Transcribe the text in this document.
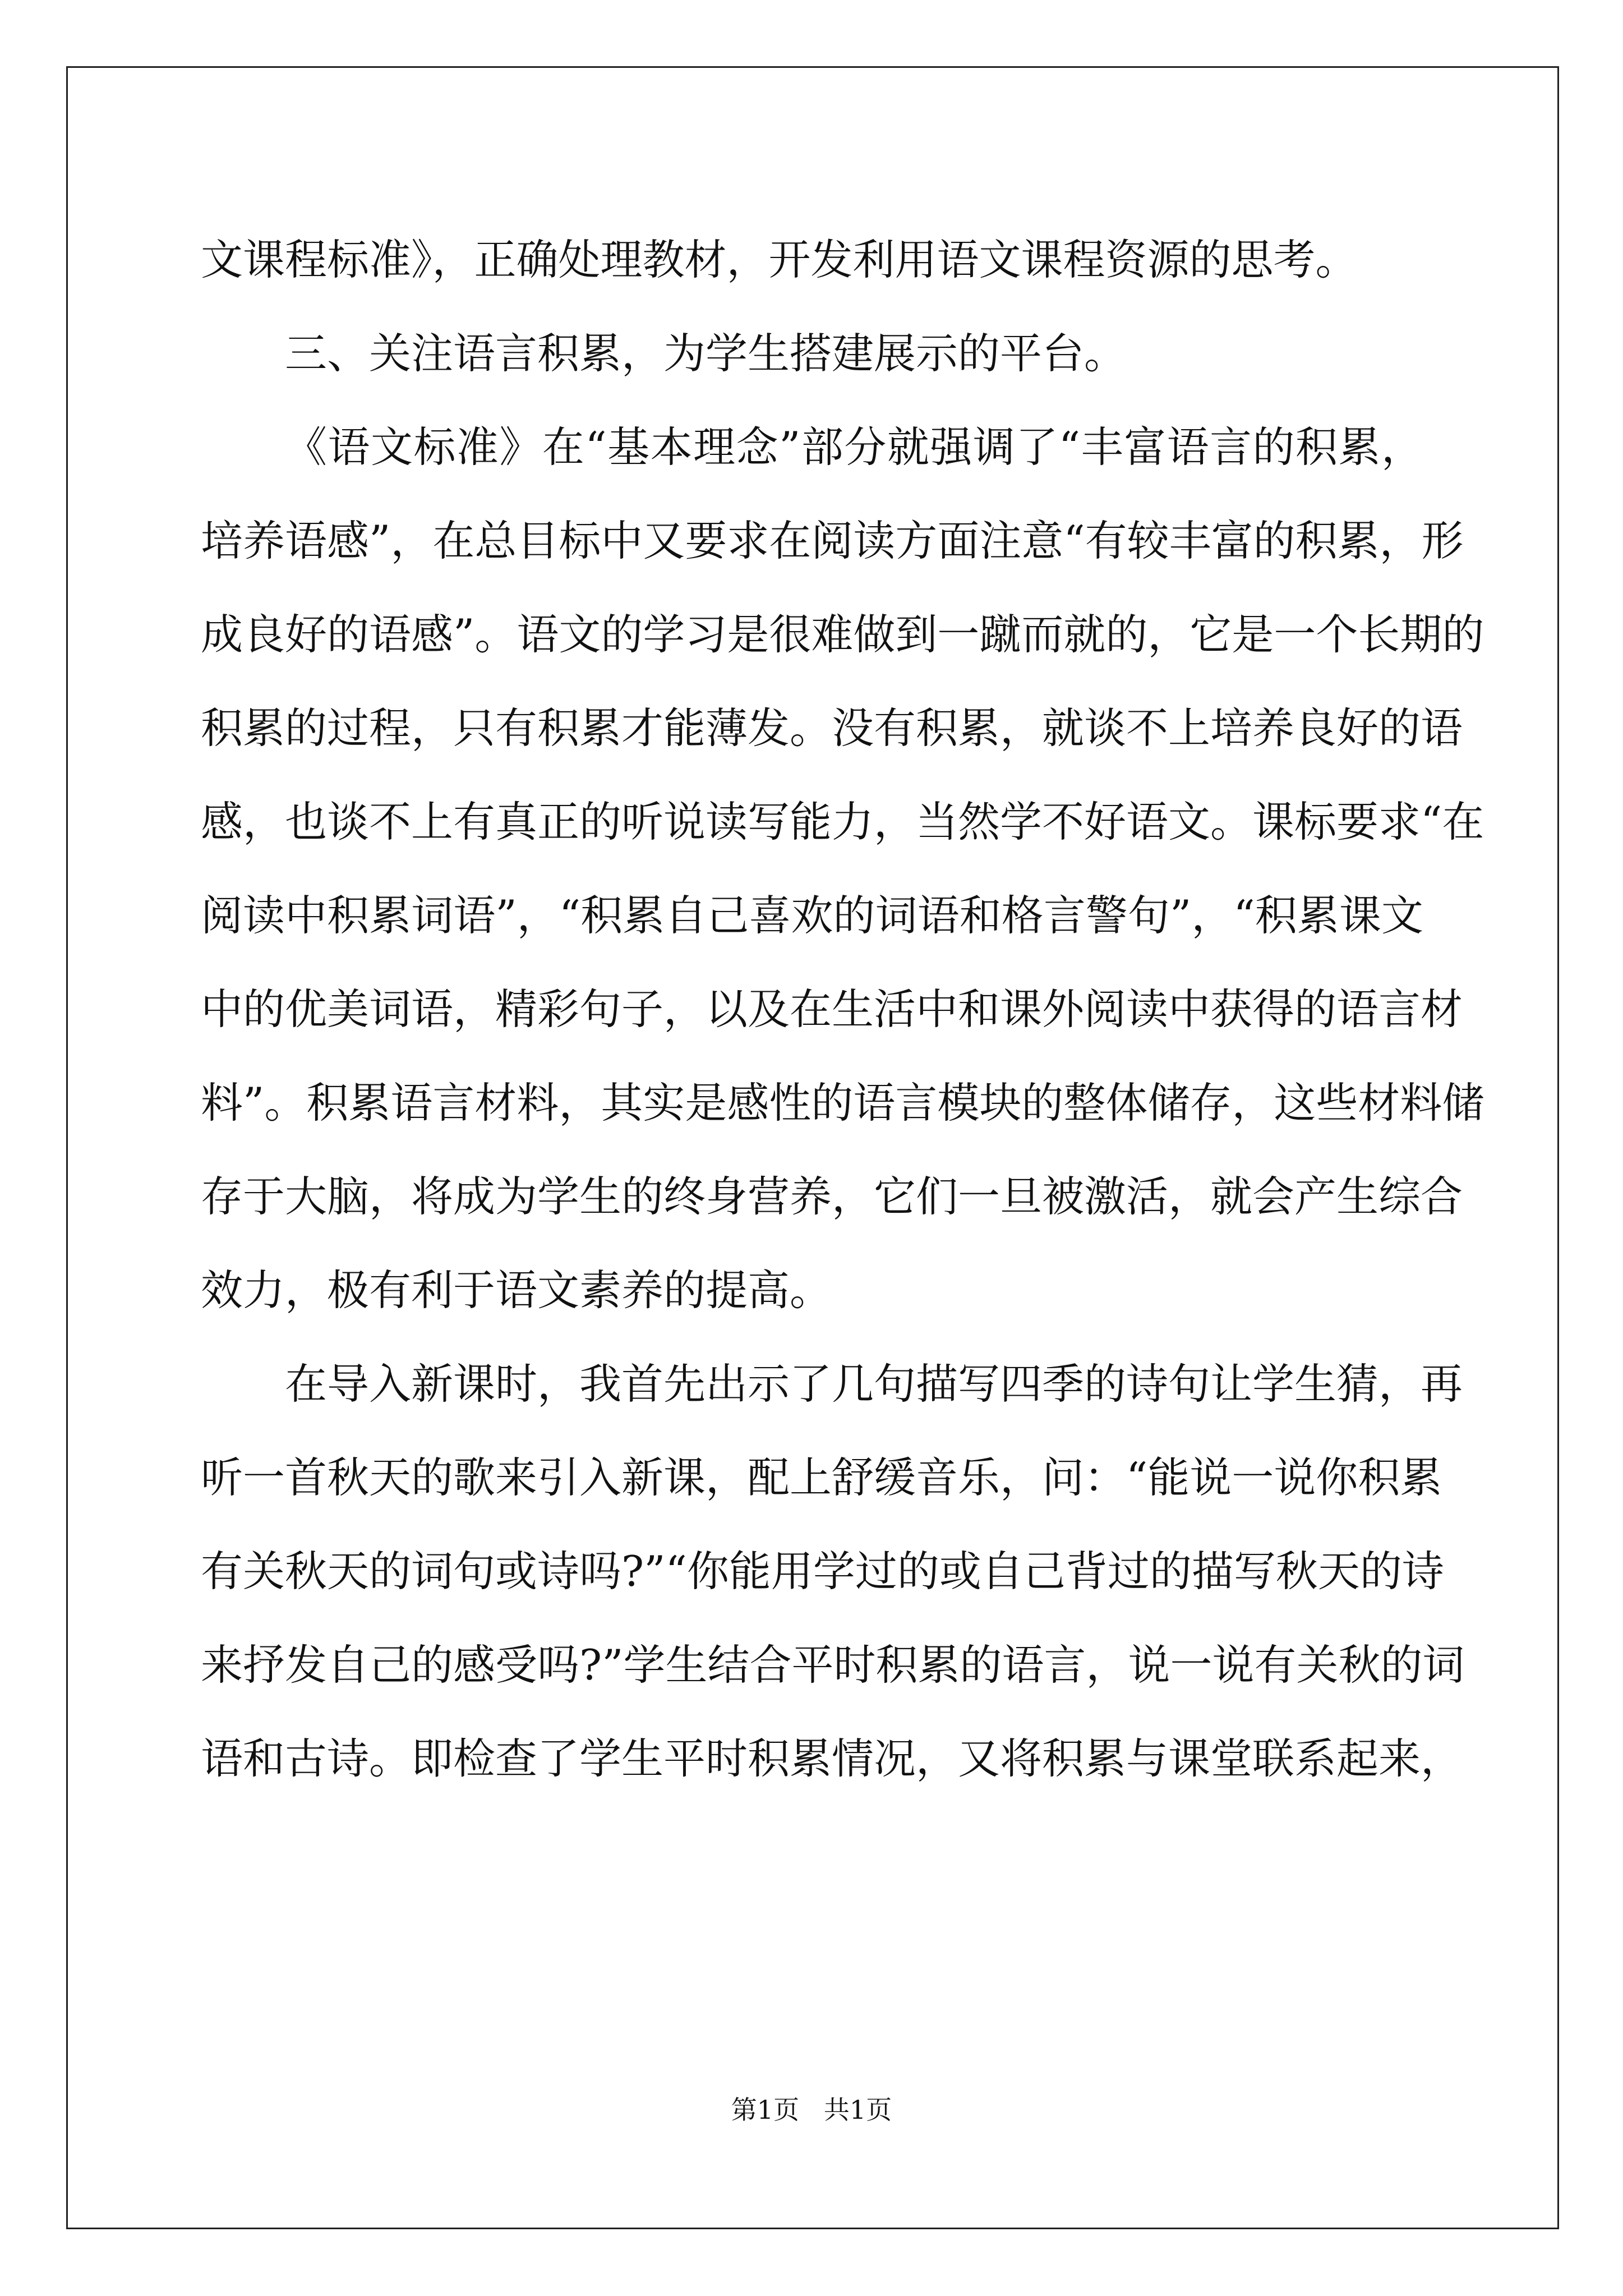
文课程标准》，正确处理教材，开发利用语文课程资源的思考。
三、关注语言积累，为学生搭建展示的平台。
《语文标准》在“基本理念”部分就强调了“丰富语言的积累，
培养语感”，在总目标中又要求在阅读方面注意“有较丰富的积累，形
成良好的语感”。语文的学习是很难做到一蹴而就的，它是一个长期的
积累的过程，只有积累才能薄发。没有积累，就谈不上培养良好的语
感，也谈不上有真正的听说读写能力，当然学不好语文。课标要求“在
阅读中积累词语”，“积累自己喜欢的词语和格言警句”，“积累课文
中的优美词语，精彩句子，以及在生活中和课外阅读中获得的语言材
料”。积累语言材料，其实是感性的语言模块的整体储存，这些材料储
存于大脑，将成为学生的终身营养，它们一旦被激活，就会产生综合
效力，极有利于语文素养的提高。
在导入新课时，我首先出示了几句描写四季的诗句让学生猜，再
听一首秋天的歌来引入新课，配上舒缓音乐，问：“能说一说你积累
有关秋天的词句或诗吗?”“你能用学过的或自己背过的描写秋天的诗
来抒发自己的感受吗?”学生结合平时积累的语言，说一说有关秋的词
语和古诗。即检查了学生平时积累情况，又将积累与课堂联系起来，
第1页   共1页
